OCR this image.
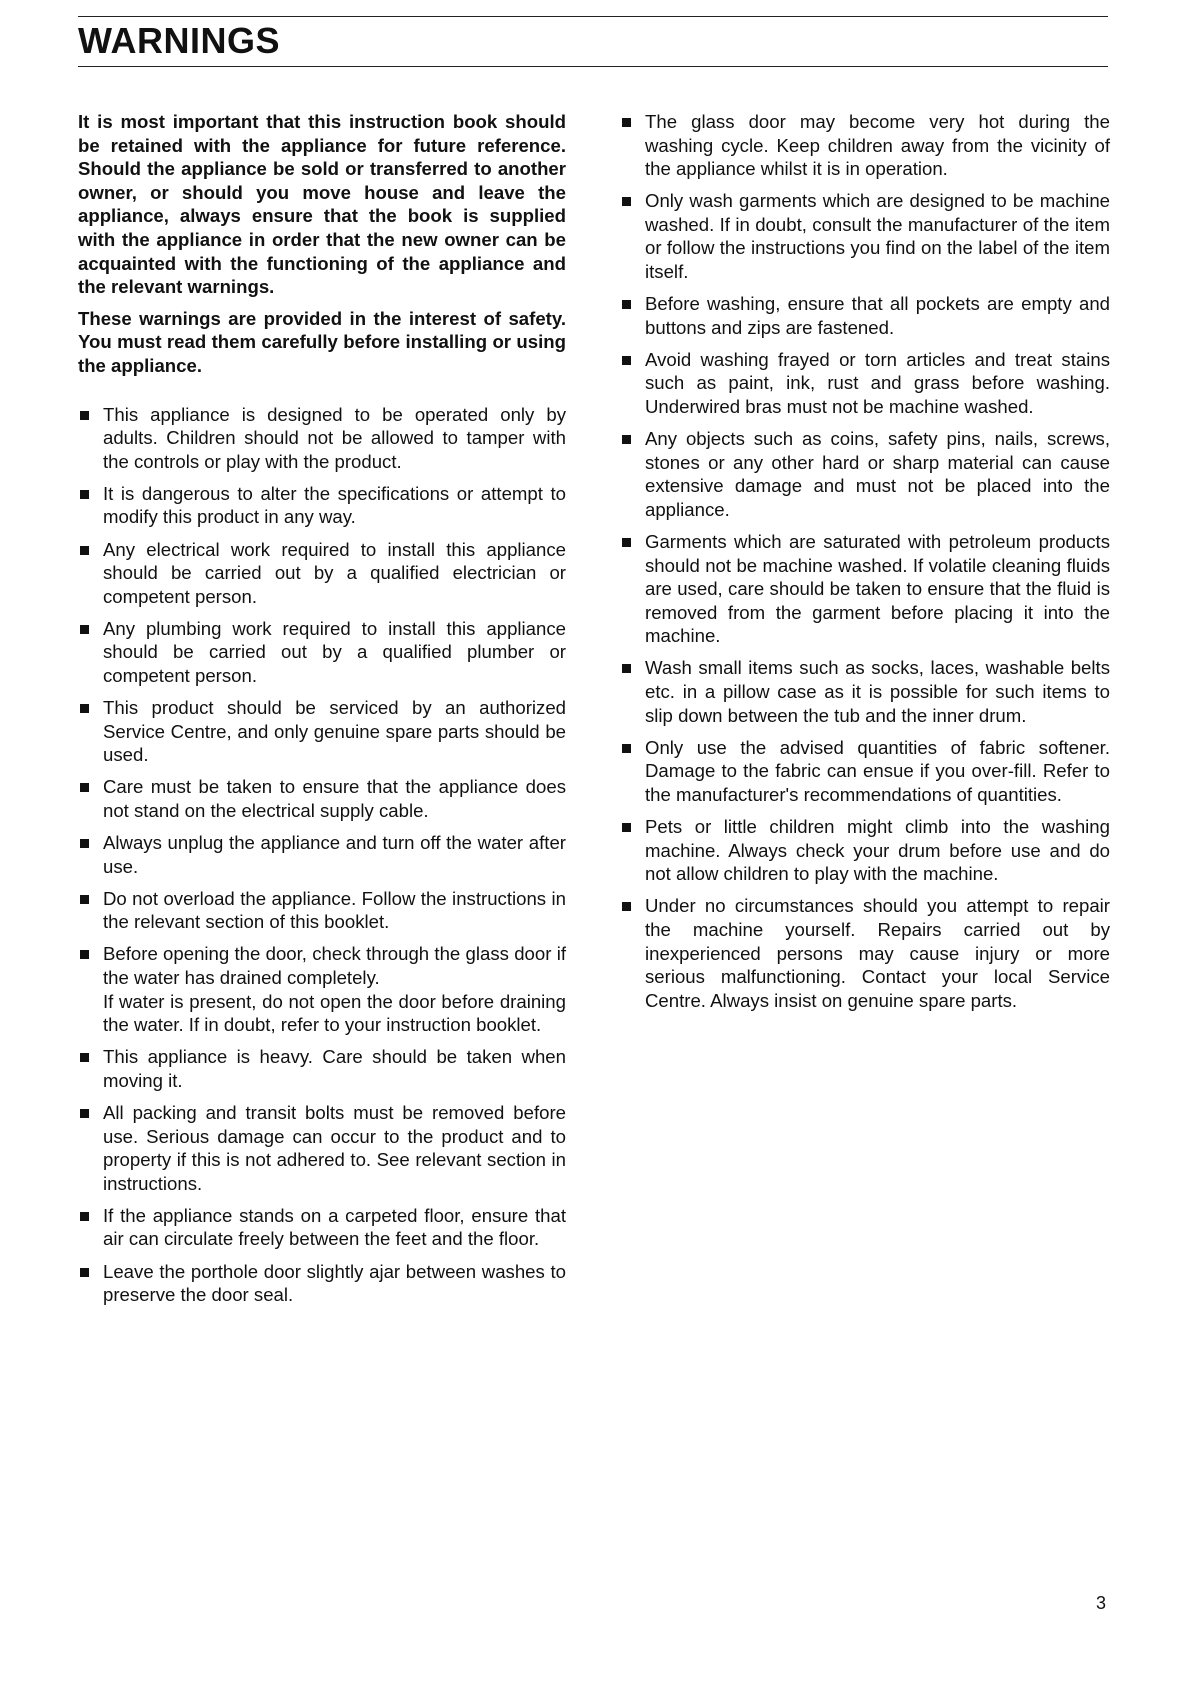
WARNINGS

It is most important that this instruction book should be retained with the appliance for future reference. Should the appliance be sold or transferred to another owner, or should you move house and leave the appliance, always ensure that the book is supplied with the appliance in order that the new owner can be acquainted with the functioning of the appliance and the relevant warnings.

These warnings are provided in the interest of safety. You must read them carefully before installing or using the appliance.

This appliance is designed to be operated only by adults. Children should not be allowed to tamper with the controls or play with the product.
It is dangerous to alter the specifications or attempt to modify this product in any way.
Any electrical work required to install this appliance should be carried out by a qualified electrician or competent person.
Any plumbing work required to install this appliance should be carried out by a qualified plumber or competent person.
This product should be serviced by an authorized Service Centre, and only genuine spare parts should be used.
Care must be taken to ensure that the appliance does not stand on the electrical supply cable.
Always unplug the appliance and turn off the water after use.
Do not overload the appliance. Follow the instructions in the relevant section of this booklet.
Before opening the door, check through the glass door if the water has drained completely.
If water is present, do not open the door before draining the water. If in doubt, refer to your instruction booklet.
This appliance is heavy. Care should be taken when moving it.
All packing and transit bolts must be removed before use. Serious damage can occur to the product and to property if this is not adhered to. See relevant section in instructions.
If the appliance stands on a carpeted floor, ensure that air can circulate freely between the feet and the floor.
Leave the porthole door slightly ajar between washes to preserve the door seal.
The glass door may become very hot during the washing cycle. Keep children away from the vicinity of the appliance whilst it is in operation.
Only wash garments which are designed to be machine washed. If in doubt, consult the manufacturer of the item or follow the instructions you find on the label of the item itself.
Before washing, ensure that all pockets are empty and buttons and zips are fastened.
Avoid washing frayed or torn articles and treat stains such as paint, ink, rust and grass before washing. Underwired bras must not be machine washed.
Any objects such as coins, safety pins, nails, screws, stones or any other hard or sharp material can cause extensive damage and must not be placed into the appliance.
Garments which are saturated with petroleum products should not be machine washed. If volatile cleaning fluids are used, care should be taken to ensure that the fluid is removed from the garment before placing it into the machine.
Wash small items such as socks, laces, washable belts etc. in a pillow case as it is possible for such items to slip down between the tub and the inner drum.
Only use the advised quantities of fabric softener. Damage to the fabric can ensue if you over-fill. Refer to the manufacturer's recommendations of quantities.
Pets or little children might climb into the washing machine. Always check your drum before use and do not allow children to play with the machine.
Under no circumstances should you attempt to repair the machine yourself. Repairs carried out by inexperienced persons may cause injury or more serious malfunctioning. Contact your local Service Centre. Always insist on genuine spare parts.
3
